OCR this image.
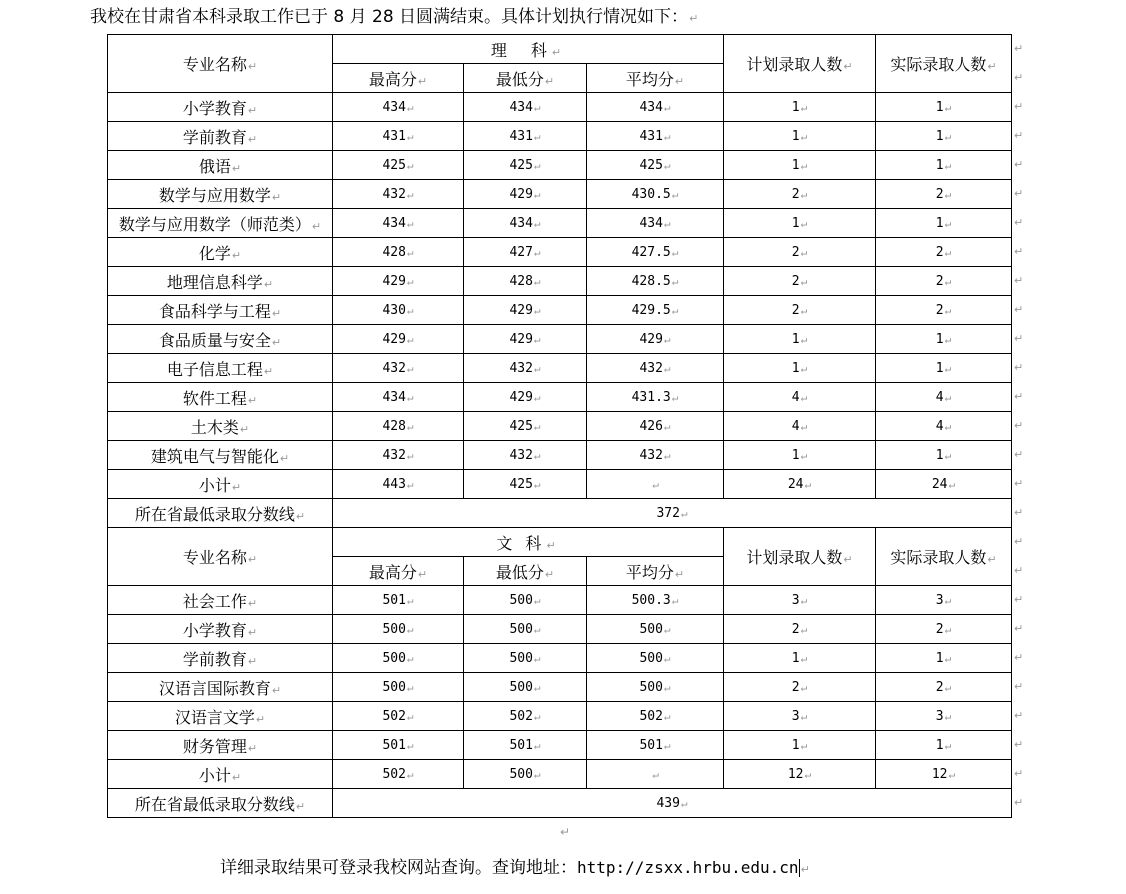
我校在甘肃省本科录取工作已于 8 月 28 日圆满结束。具体计划执行情况如下：↵
专业名称↵	理　科↵			计划录取人数↵	实际录取人数↵
	最高分↵	最低分↵	平均分↵		
小学教育↵	434↵	434↵	434↵	1↵	1↵
学前教育↵	431↵	431↵	431↵	1↵	1↵
俄语↵	425↵	425↵	425↵	1↵	1↵
数学与应用数学↵	432↵	429↵	430.5↵	2↵	2↵
数学与应用数学（师范类）↵	434↵	434↵	434↵	1↵	1↵
化学↵	428↵	427↵	427.5↵	2↵	2↵
地理信息科学↵	429↵	428↵	428.5↵	2↵	2↵
食品科学与工程↵	430↵	429↵	429.5↵	2↵	2↵
食品质量与安全↵	429↵	429↵	429↵	1↵	1↵
电子信息工程↵	432↵	432↵	432↵	1↵	1↵
软件工程↵	434↵	429↵	431.3↵	4↵	4↵
土木类↵	428↵	425↵	426↵	4↵	4↵
建筑电气与智能化↵	432↵	432↵	432↵	1↵	1↵
小计↵	443↵	425↵	↵	24↵	24↵
所在省最低录取分数线↵	372↵				
专业名称↵	文 科↵			计划录取人数↵	实际录取人数↵
	最高分↵	最低分↵	平均分↵		
社会工作↵	501↵	500↵	500.3↵	3↵	3↵
小学教育↵	500↵	500↵	500↵	2↵	2↵
学前教育↵	500↵	500↵	500↵	1↵	1↵
汉语言国际教育↵	500↵	500↵	500↵	2↵	2↵
汉语言文学↵	502↵	502↵	502↵	3↵	3↵
财务管理↵	501↵	501↵	501↵	1↵	1↵
小计↵	502↵	500↵	↵	12↵	12↵
所在省最低录取分数线↵	439↵				
↵
↵
↵
↵
↵
↵
↵
↵
↵
↵
↵
↵
↵
↵
↵
↵
↵
↵
↵
↵
↵
↵
↵
↵
↵
↵
↵
↵
详细录取结果可登录我校网站查询。查询地址：http://zsxx.hrbu.edu.cn ↵
